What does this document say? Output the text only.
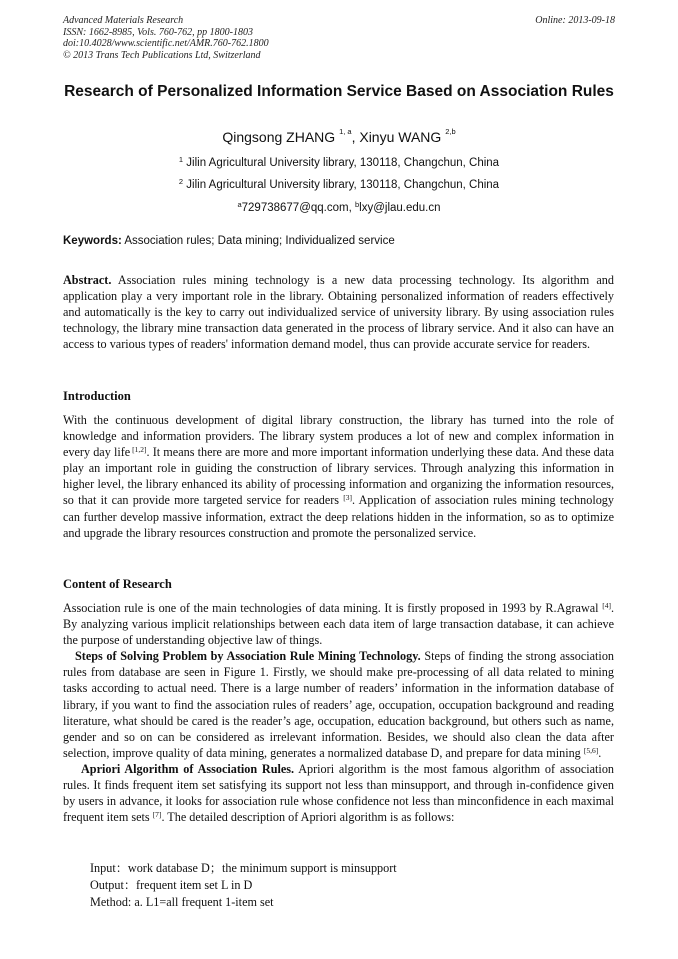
Advanced Materials Research
ISSN: 1662-8985, Vols. 760-762, pp 1800-1803
doi:10.4028/www.scientific.net/AMR.760-762.1800
© 2013 Trans Tech Publications Ltd, Switzerland
Online: 2013-09-18
Research of Personalized Information Service Based on Association Rules
Qingsong ZHANG $^{1, a}$, Xinyu WANG $^{2,b}$
$^1$ Jilin Agricultural University library, 130118, Changchun, China
$^2$ Jilin Agricultural University library, 130118, Changchun, China
$^a$729738677@qq.com, $^b$lxy@jlau.edu.cn
Keywords: Association rules; Data mining; Individualized service
Abstract. Association rules mining technology is a new data processing technology. Its algorithm and application play a very important role in the library. Obtaining personalized information of readers effectively and automatically is the key to carry out individualized service of university library. By using association rules technology, the library mine transaction data generated in the process of library service. And it also can have an access to various types of readers' information demand model, thus can provide accurate service for readers.
Introduction
With the continuous development of digital library construction, the library has turned into the role of knowledge and information providers. The library system produces a lot of new and complex information in every day life [1,2]. It means there are more and more important information underlying these data. And these data play an important role in guiding the construction of library services. Through analyzing this information in higher level, the library enhanced its ability of processing information and organizing the information resources, so that it can provide more targeted service for readers [3]. Application of association rules mining technology can further develop massive information, extract the deep relations hidden in the information, so as to optimize and upgrade the library resources construction and promote the personalized service.
Content of Research
Association rule is one of the main technologies of data mining. It is firstly proposed in 1993 by R.Agrawal [4]. By analyzing various implicit relationships between each data item of large transaction database, it can achieve the purpose of understanding objective law of things.
Steps of Solving Problem by Association Rule Mining Technology. Steps of finding the strong association rules from database are seen in Figure 1. Firstly, we should make pre-processing of all data related to mining tasks according to actual need. There is a large number of readers’ information in the information database of library, if you want to find the association rules of readers’ age, occupation, occupation background and reading literature, what should be cared is the reader’s age, occupation, education background, but others such as name, gender and so on can be considered as irrelevant information. Besides, we should also clean the data after selection, improve quality of data mining, generates a normalized database D, and prepare for data mining [5,6].
Apriori Algorithm of Association Rules. Apriori algorithm is the most famous algorithm of association rules. It finds frequent item set satisfying its support not less than minsupport, and through in-confidence given by users in advance, it looks for association rule whose confidence not less than minconfidence in each maximal frequent item sets [7]. The detailed description of Apriori algorithm is as follows:
Input：work database D；the minimum support is minsupport
Output：frequent item set L in D
Method: a. L1=all frequent 1-item set
